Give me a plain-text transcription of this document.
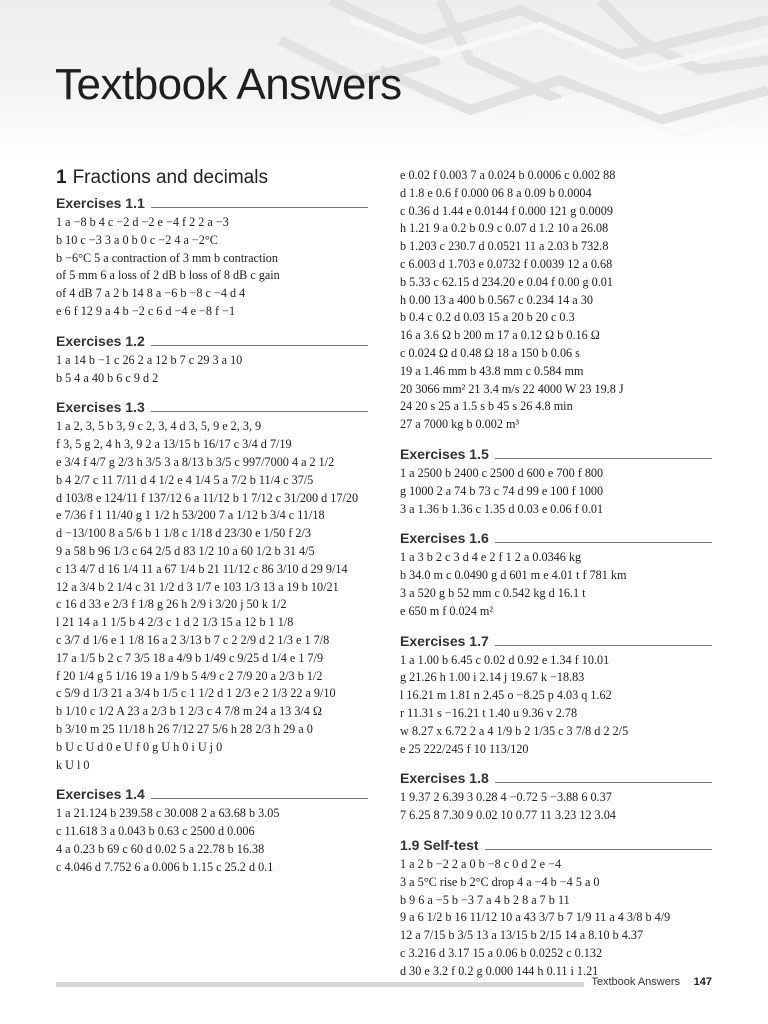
Textbook Answers
1 Fractions and decimals
Exercises 1.1
1 a −8 b 4 c −2 d −2 e −4 f 2 2 a −3
b 10 c −3 3 a 0 b 0 c −2 4 a −2°C
b −6°C 5 a contraction of 3 mm b contraction
of 5 mm 6 a loss of 2 dB b loss of 8 dB c gain
of 4 dB 7 a 2 b 14 8 a −6 b −8 c −4 d 4
e 6 f 12 9 a 4 b −2 c 6 d −4 e −8 f −1
Exercises 1.2
1 a 14 b −1 c 26 2 a 12 b 7 c 29 3 a 10
b 5 4 a 40 b 6 c 9 d 2
Exercises 1.3
1 a 2, 3, 5 b 3, 9 c 2, 3, 4 d 3, 5, 9 e 2, 3, 9
f 3, 5 g 2, 4 h 3, 9 2 a 13/15 b 16/17 c 3/4 d 7/19
e 3/4 f 4/7 g 2/3 h 3/5 3 a 8/13 b 3/5 c 997/7000 4 a 2 1/2
b 4 2/7 c 11 7/11 d 4 1/2 e 4 1/4 5 a 7/2 b 11/4 c 37/5
d 103/8 e 124/11 f 137/12 6 a 11/12 b 1 7/12 c 31/200 d 17/20
e 7/36 f 1 11/40 g 1 1/2 h 53/200 7 a 1/12 b 3/4 c 11/18
d −13/100 8 a 5/6 b 1 1/8 c 1/18 d 23/30 e 1/50 f 2/3
9 a 58 b 96 1/3 c 64 2/5 d 83 1/2 10 a 60 1/2 b 31 4/5
c 13 4/7 d 16 1/4 11 a 67 1/4 b 21 11/12 c 86 3/10 d 29 9/14
12 a 3/4 b 2 1/4 c 31 1/2 d 3 1/7 e 103 1/3 13 a 19 b 10/21
c 16 d 33 e 2/3 f 1/8 g 26 h 2/9 i 3/20 j 50 k 1/2
l 21 14 a 1 1/5 b 4 2/3 c 1 d 2 1/3 15 a 12 b 1 1/8
c 3/7 d 1/6 e 1 1/8 16 a 2 3/13 b 7 c 2 2/9 d 2 1/3 e 1 7/8
17 a 1/5 b 2 c 7 3/5 18 a 4/9 b 1/49 c 9/25 d 1/4 e 1 7/9
f 20 1/4 g 5 1/16 19 a 1/9 b 5 4/9 c 2 7/9 20 a 2/3 b 1/2
c 5/9 d 1/3 21 a 3/4 b 1/5 c 1 1/2 d 1 2/3 e 2 1/3 22 a 9/10
b 1/10 c 1/2 A 23 a 2/3 b 1 2/3 c 4 7/8 m 24 a 13 3/4 Ω
b 3/10 m 25 11/18 h 26 7/12 27 5/6 h 28 2/3 h 29 a 0
b U c U d 0 e U f 0 g U h 0 i U j 0
k U l 0
Exercises 1.4
1 a 21.124 b 239.58 c 30.008 2 a 63.68 b 3.05
c 11.618 3 a 0.043 b 0.63 c 2500 d 0.006
4 a 0.23 b 69 c 60 d 0.02 5 a 22.78 b 16.38
c 4.046 d 7.752 6 a 0.006 b 1.15 c 25.2 d 0.1
e 0.02 f 0.003 7 a 0.024 b 0.0006 c 0.002 88
d 1.8 e 0.6 f 0.000 06 8 a 0.09 b 0.0004
c 0.36 d 1.44 e 0.0144 f 0.000 121 g 0.0009
h 1.21 9 a 0.2 b 0.9 c 0.07 d 1.2 10 a 26.08
b 1.203 c 230.7 d 0.0521 11 a 2.03 b 732.8
c 6.003 d 1.703 e 0.0732 f 0.0039 12 a 0.68
b 5.33 c 62.15 d 234.20 e 0.04 f 0.00 g 0.01
h 0.00 13 a 400 b 0.567 c 0.234 14 a 30
b 0.4 c 0.2 d 0.03 15 a 20 b 20 c 0.3
16 a 3.6 Ω b 200 m 17 a 0.12 Ω b 0.16 Ω
c 0.024 Ω d 0.48 Ω 18 a 150 b 0.06 s
19 a 1.46 mm b 43.8 mm c 0.584 mm
20 3066 mm² 21 3.4 m/s 22 4000 W 23 19.8 J
24 20 s 25 a 1.5 s b 45 s 26 4.8 min
27 a 7000 kg b 0.002 m³
Exercises 1.5
1 a 2500 b 2400 c 2500 d 600 e 700 f 800
g 1000 2 a 74 b 73 c 74 d 99 e 100 f 1000
3 a 1.36 b 1.36 c 1.35 d 0.03 e 0.06 f 0.01
Exercises 1.6
1 a 3 b 2 c 3 d 4 e 2 f 1 2 a 0.0346 kg
b 34.0 m c 0.0490 g d 601 m e 4.01 t f 781 km
3 a 520 g b 52 mm c 0.542 kg d 16.1 t
e 650 m f 0.024 m²
Exercises 1.7
1 a 1.00 b 6.45 c 0.02 d 0.92 e 1.34 f 10.01
g 21.26 h 1.00 i 2.14 j 19.67 k −18.83
l 16.21 m 1.81 n 2.45 o −8.25 p 4.03 q 1.62
r 11.31 s −16.21 t 1.40 u 9.36 v 2.78
w 8.27 x 6.72 2 a 4 1/9 b 2 1/35 c 3 7/8 d 2 2/5
e 25 222/245 f 10 113/120
Exercises 1.8
1 9.37 2 6.39 3 0.28 4 −0.72 5 −3.88 6 0.37
7 6.25 8 7.30 9 0.02 10 0.77 11 3.23 12 3.04
1.9 Self-test
1 a 2 b −2 2 a 0 b −8 c 0 d 2 e −4
3 a 5°C rise b 2°C drop 4 a −4 b −4 5 a 0
b 9 6 a −5 b −3 7 a 4 b 2 8 a 7 b 11
9 a 6 1/2 b 16 11/12 10 a 43 3/7 b 7 1/9 11 a 4 3/8 b 4/9
12 a 7/15 b 3/5 13 a 13/15 b 2/15 14 a 8.10 b 4.37
c 3.216 d 3.17 15 a 0.06 b 0.0252 c 0.132
d 30 e 3.2 f 0.2 g 0.000 144 h 0.11 i 1.21
Textbook Answers 147
